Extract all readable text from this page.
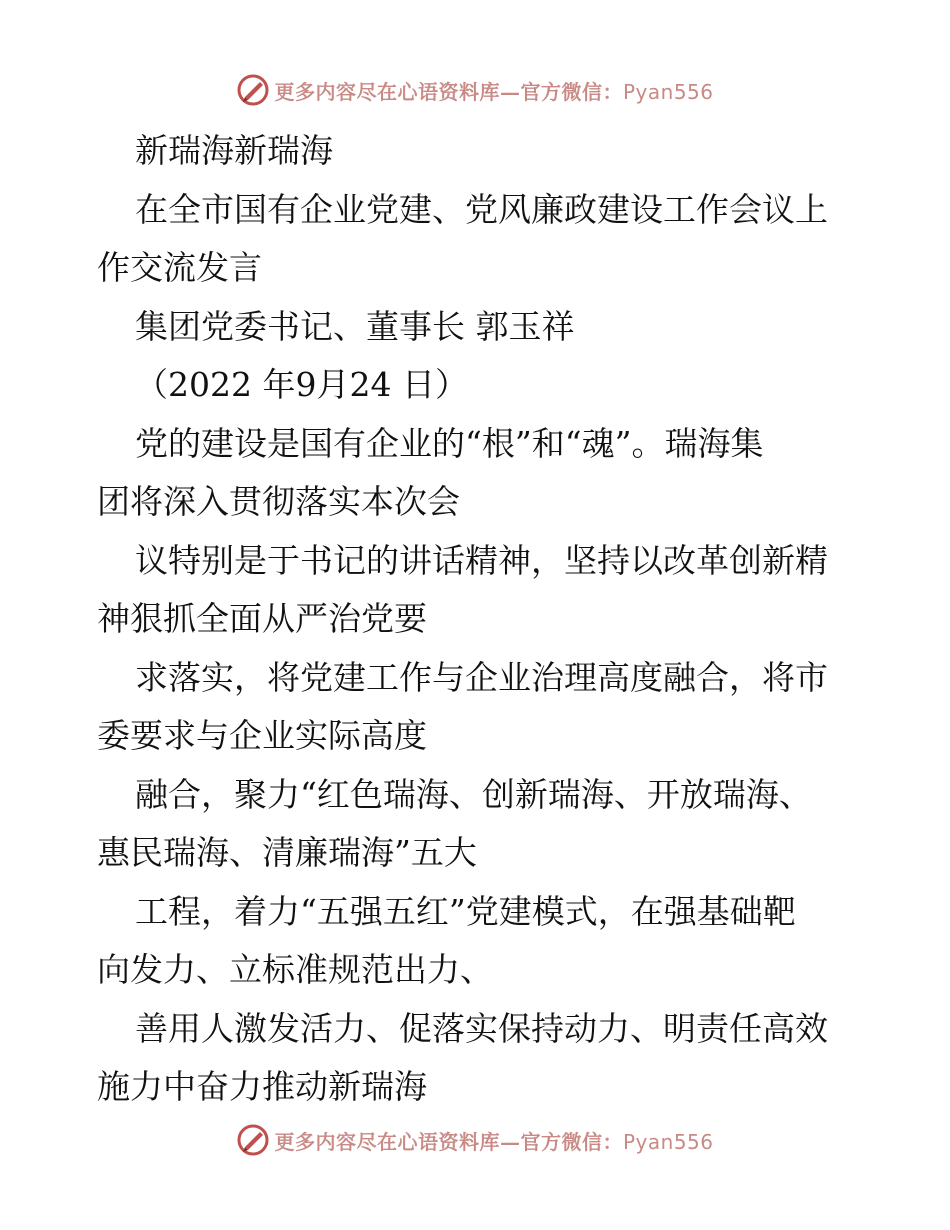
更多内容尽在心语资料库—官方微信：Pyan556
新瑞海新瑞海
在全市国有企业党建、党风廉政建设工作会议上
作交流发言
集团党委书记、董事长 郭玉祥
（2022 年9月24 日）
党的建设是国有企业的“根”和“魂”。瑞海集
团将深入贯彻落实本次会
议特别是于书记的讲话精神，坚持以改革创新精
神狠抓全面从严治党要
求落实，将党建工作与企业治理高度融合，将市
委要求与企业实际高度
融合，聚力“红色瑞海、创新瑞海、开放瑞海、
惠民瑞海、清廉瑞海”五大
工程，着力“五强五红”党建模式，在强基础靶
向发力、立标准规范出力、
善用人激发活力、促落实保持动力、明责任高效
施力中奋力推动新瑞海
更多内容尽在心语资料库—官方微信：Pyan556
